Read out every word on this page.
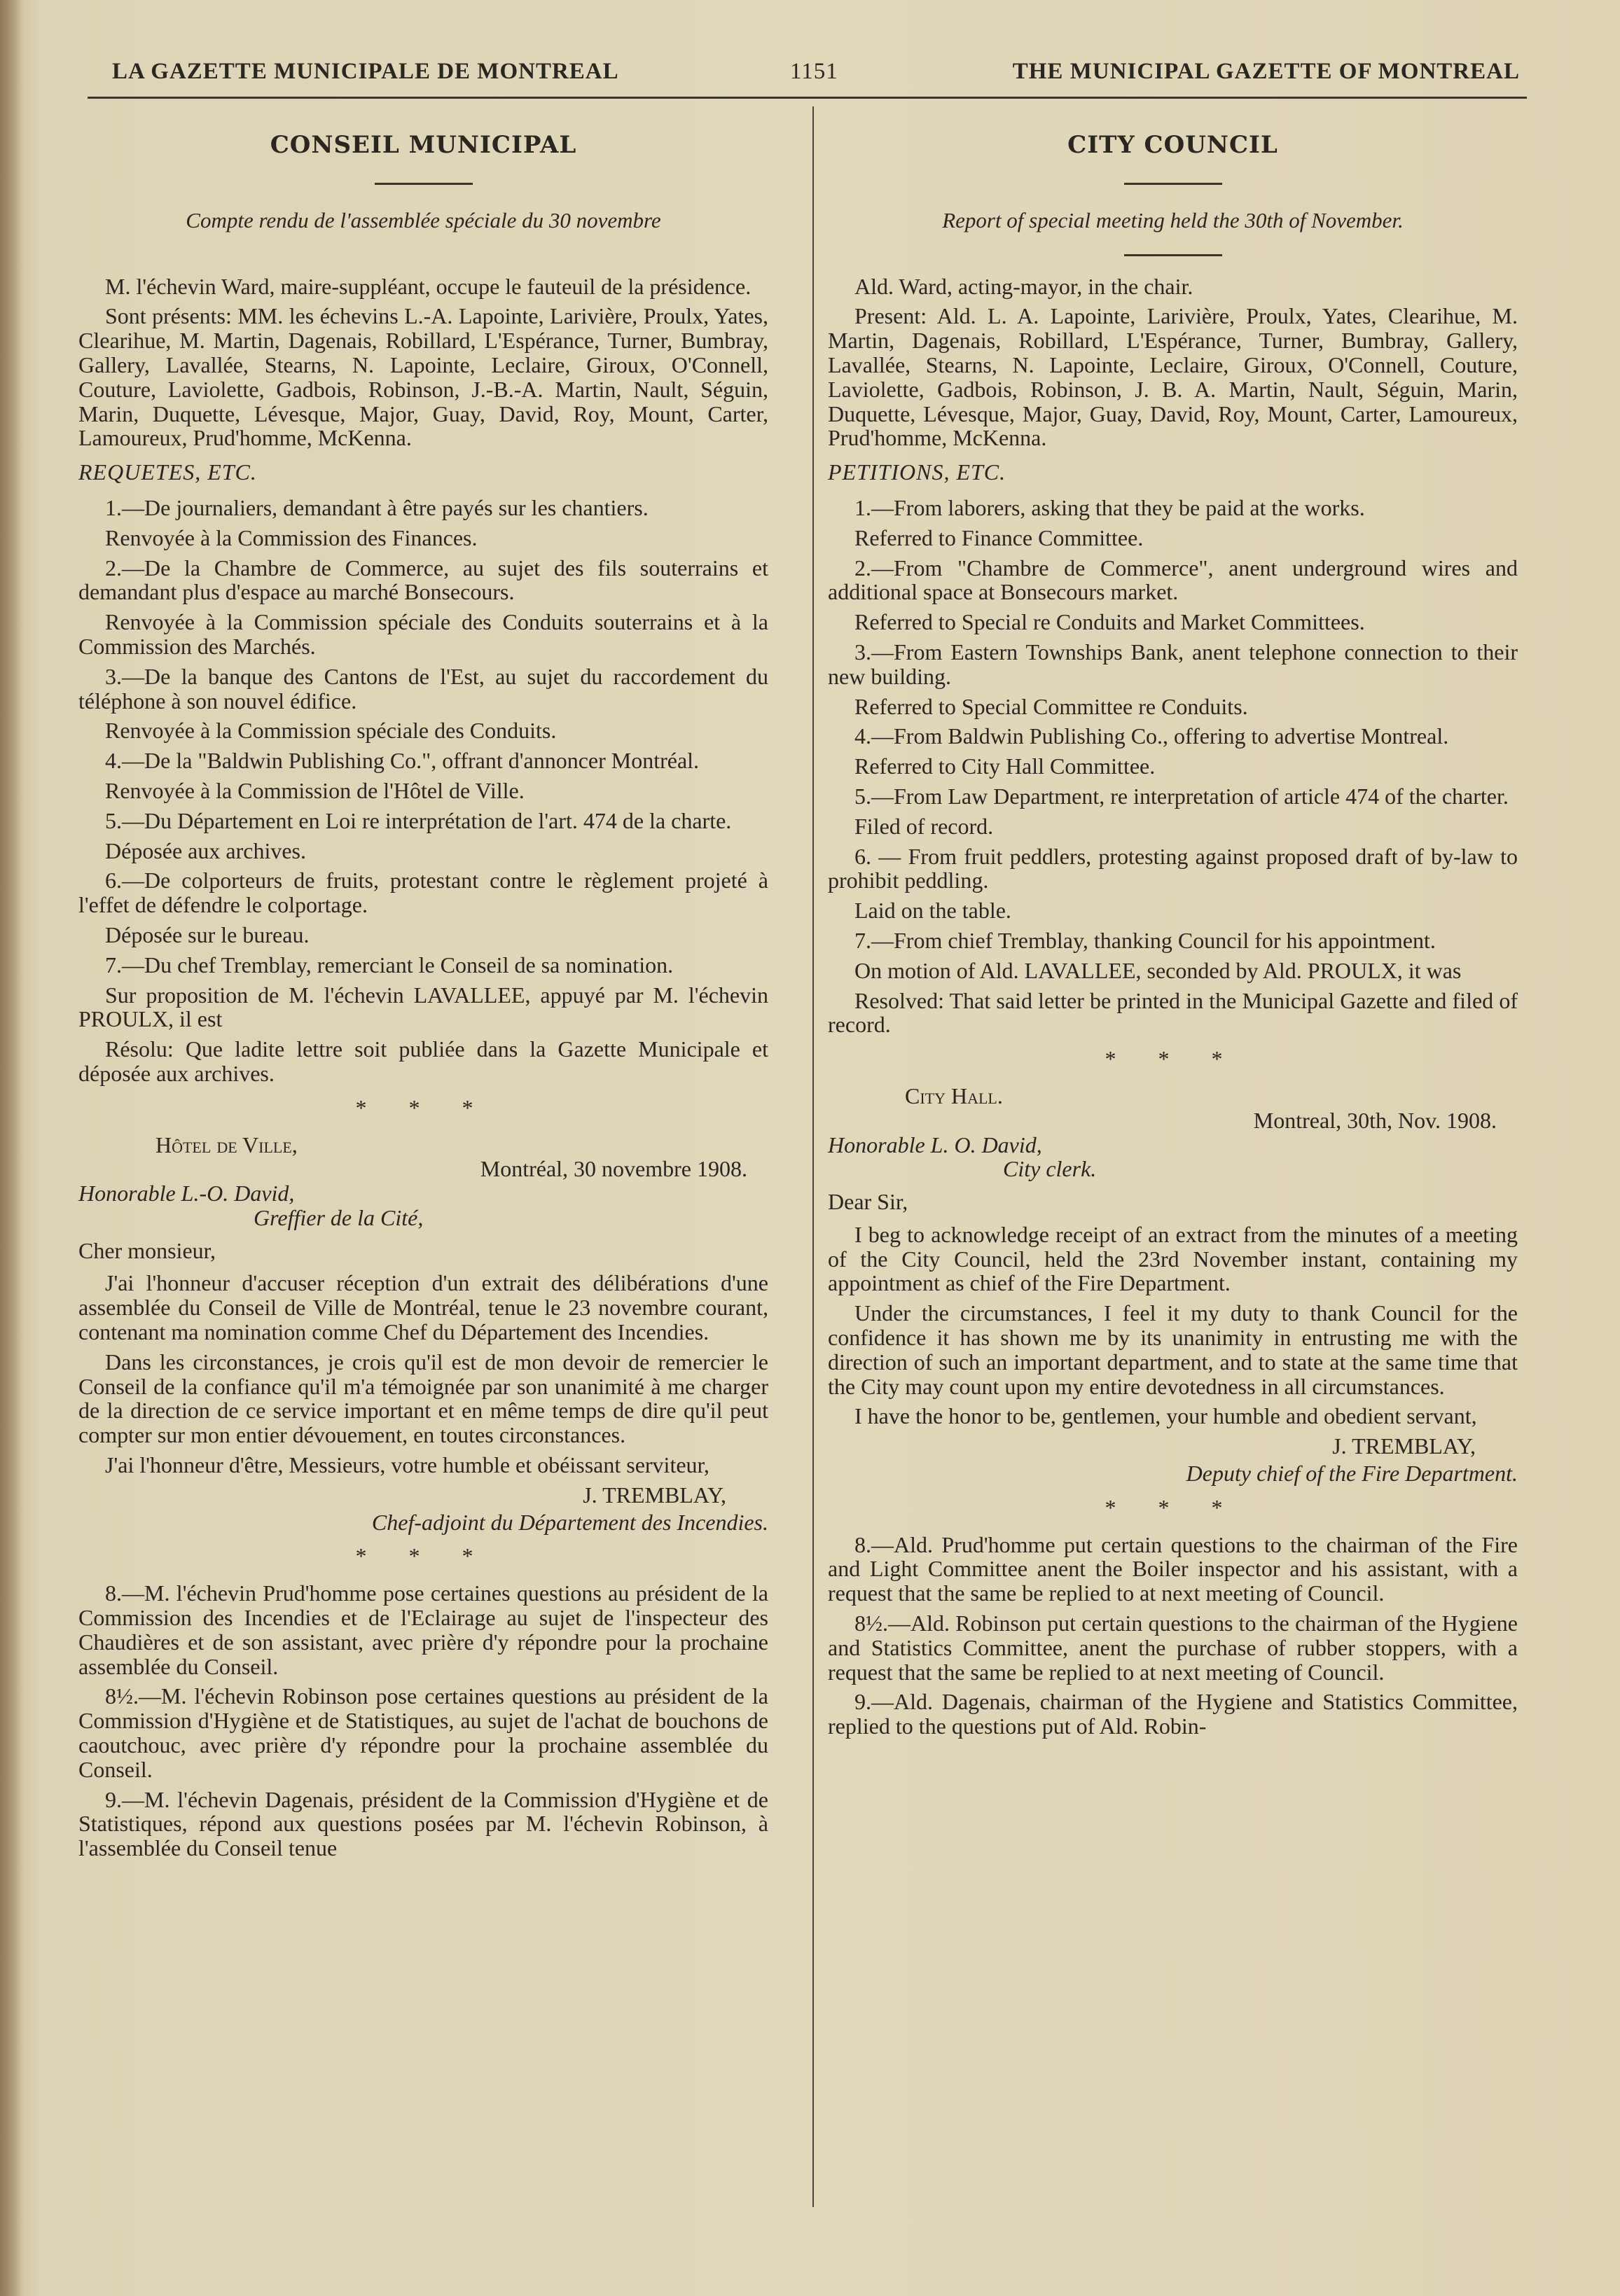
LA GAZETTE MUNICIPALE DE MONTREAL	1151	THE MUNICIPAL GAZETTE OF MONTREAL
CONSEIL MUNICIPAL
Compte rendu de l'assemblée spéciale du 30 novembre

M. l'échevin Ward, maire-suppléant, occupe le fauteuil de la présidence.

Sont présents: MM. les échevins L.-A. Lapointe, Larivière, Proulx, Yates, Clearihue, M. Martin, Dagenais, Robillard, L'Espérance, Turner, Bumbray, Gallery, Lavallée, Stearns, N. Lapointe, Leclaire, Giroux, O'Connell, Couture, Laviolette, Gadbois, Robinson, J.-B.-A. Martin, Nault, Séguin, Marin, Duquette, Lévesque, Major, Guay, David, Roy, Mount, Carter, Lamoureux, Prud'homme, McKenna.

REQUETES, ETC.

1.—De journaliers, demandant à être payés sur les chantiers.

Renvoyée à la Commission des Finances.

2.—De la Chambre de Commerce, au sujet des fils souterrains et demandant plus d'espace au marché Bonsecours.

Renvoyée à la Commission spéciale des Conduits souterrains et à la Commission des Marchés.

3.—De la banque des Cantons de l'Est, au sujet du raccordement du téléphone à son nouvel édifice.

Renvoyée à la Commission spéciale des Conduits.

4.—De la "Baldwin Publishing Co.", offrant d'annoncer Montréal.

Renvoyée à la Commission de l'Hôtel de Ville.

5.—Du Département en Loi re interprétation de l'art. 474 de la charte.

Déposée aux archives.

6.—De colporteurs de fruits, protestant contre le règlement projeté à l'effet de défendre le colportage.

Déposée sur le bureau.

7.—Du chef Tremblay, remerciant le Conseil de sa nomination.

Sur proposition de M. l'échevin LAVALLEE, appuyé par M. l'échevin PROULX, il est

Résolu: Que ladite lettre soit publiée dans la Gazette Municipale et déposée aux archives.

* * *
Hôtel de Ville,
Montréal, 30 novembre 1908.
Honorable L.-O. David,
Greffier de la Cité,

Cher monsieur,

J'ai l'honneur d'accuser réception d'un extrait des délibérations d'une assemblée du Conseil de Ville de Montréal, tenue le 23 novembre courant, contenant ma nomination comme Chef du Département des Incendies.

Dans les circonstances, je crois qu'il est de mon devoir de remercier le Conseil de la confiance qu'il m'a témoignée par son unanimité à me charger de la direction de ce service important et en même temps de dire qu'il peut compter sur mon entier dévouement, en toutes circonstances.

J'ai l'honneur d'être, Messieurs, votre humble et obéissant serviteur,

J. TREMBLAY,
Chef-adjoint du Département des Incendies.
* * *

8.—M. l'échevin Prud'homme pose certaines questions au président de la Commission des Incendies et de l'Eclairage au sujet de l'inspecteur des Chaudières et de son assistant, avec prière d'y répondre pour la prochaine assemblée du Conseil.

8½.—M. l'échevin Robinson pose certaines questions au président de la Commission d'Hygiène et de Statistiques, au sujet de l'achat de bouchons de caoutchouc, avec prière d'y répondre pour la prochaine assemblée du Conseil.

9.—M. l'échevin Dagenais, président de la Commission d'Hygiène et de Statistiques, répond aux questions posées par M. l'échevin Robinson, à l'assemblée du Conseil tenue

CITY COUNCIL
Report of special meeting held the 30th of November.

Ald. Ward, acting-mayor, in the chair.

Present: Ald. L. A. Lapointe, Larivière, Proulx, Yates, Clearihue, M. Martin, Dagenais, Robillard, L'Espérance, Turner, Bumbray, Gallery, Lavallée, Stearns, N. Lapointe, Leclaire, Giroux, O'Connell, Couture, Laviolette, Gadbois, Robinson, J. B. A. Martin, Nault, Séguin, Marin, Duquette, Lévesque, Major, Guay, David, Roy, Mount, Carter, Lamoureux, Prud'homme, McKenna.

PETITIONS, ETC.

1.—From laborers, asking that they be paid at the works.

Referred to Finance Committee.

2.—From "Chambre de Commerce", anent underground wires and additional space at Bonsecours market.

Referred to Special re Conduits and Market Committees.

3.—From Eastern Townships Bank, anent telephone connection to their new building.

Referred to Special Committee re Conduits.

4.—From Baldwin Publishing Co., offering to advertise Montreal.

Referred to City Hall Committee.

5.—From Law Department, re interpretation of article 474 of the charter.

Filed of record.

6. — From fruit peddlers, protesting against proposed draft of by-law to prohibit peddling.

Laid on the table.

7.—From chief Tremblay, thanking Council for his appointment.

On motion of Ald. LAVALLEE, seconded by Ald. PROULX, it was

Resolved: That said letter be printed in the Municipal Gazette and filed of record.

* * *
City Hall.
Montreal, 30th, Nov. 1908.
Honorable L. O. David,
City clerk.

Dear Sir,

I beg to acknowledge receipt of an extract from the minutes of a meeting of the City Council, held the 23rd November instant, containing my appointment as chief of the Fire Department.

Under the circumstances, I feel it my duty to thank Council for the confidence it has shown me by its unanimity in entrusting me with the direction of such an important department, and to state at the same time that the City may count upon my entire devotedness in all circumstances.

I have the honor to be, gentlemen, your humble and obedient servant,

J. TREMBLAY,
Deputy chief of the Fire Department.
* * *

8.—Ald. Prud'homme put certain questions to the chairman of the Fire and Light Committee anent the Boiler inspector and his assistant, with a request that the same be replied to at next meeting of Council.

8½.—Ald. Robinson put certain questions to the chairman of the Hygiene and Statistics Committee, anent the purchase of rubber stoppers, with a request that the same be replied to at next meeting of Council.

9.—Ald. Dagenais, chairman of the Hygiene and Statistics Committee, replied to the questions put of Ald. Robin-
